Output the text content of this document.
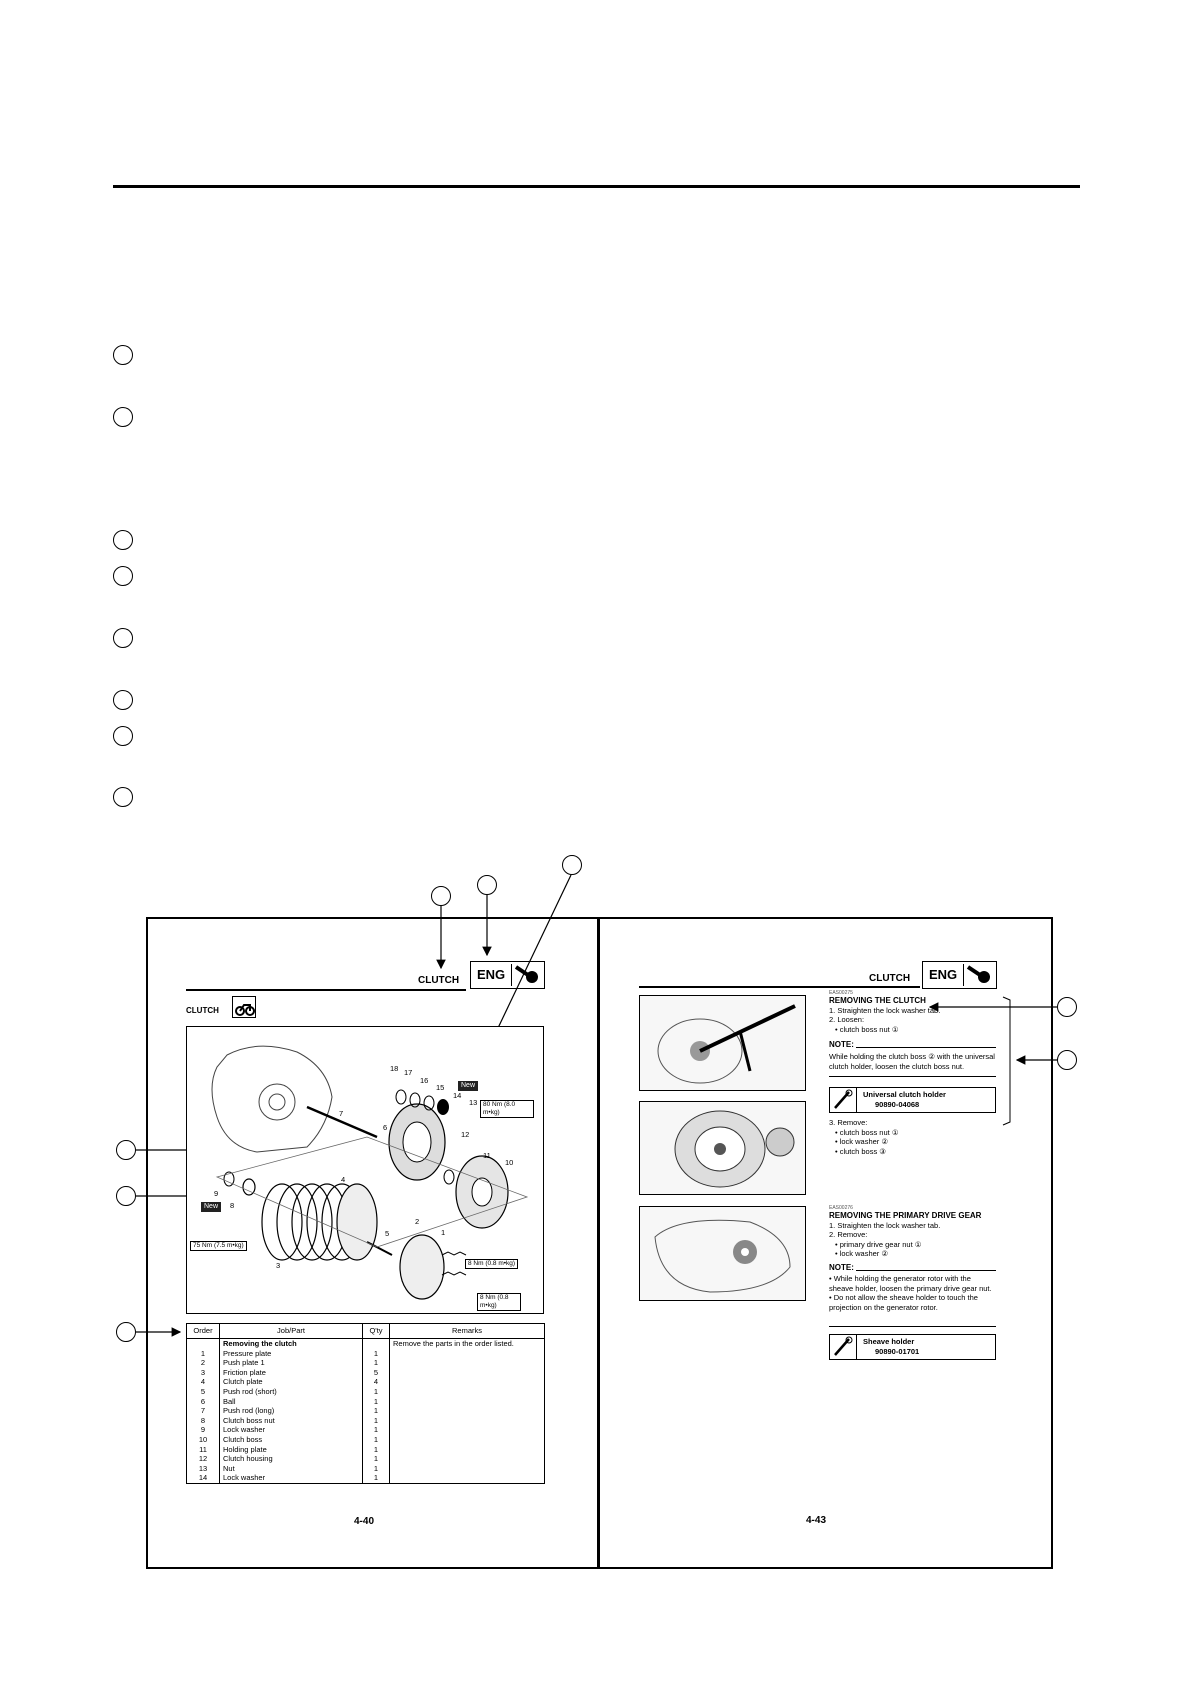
CLUTCH ENG
CLUTCH
18 17
16
15
14
13
7
6
12
11
10
4
9
8
2
5	1
3
New
New
80 Nm (8.0 m•kg)
75 Nm (7.5 m•kg)
8 Nm (0.8 m•kg)
8 Nm (0.8 m•kg)
Order	Job/Part	Q'ty	Remarks
	Removing the clutch		Remove the parts in the order listed.
1	Pressure plate	1	
2	Push plate 1	1	
3	Friction plate	5	
4	Clutch plate	4	
5	Push rod (short)	1	
6	Ball	1	
7	Push rod (long)	1	
8	Clutch boss nut	1	
9	Lock washer	1	
10	Clutch boss	1	
11	Holding plate	1	
12	Clutch housing	1	
13	Nut	1	
14	Lock washer	1	
4-40
CLUTCH ENG
EAS00275
REMOVING THE CLUTCH
1. Straighten the lock washer tab.
2. Loosen:
• clutch boss nut ①
NOTE:
While holding the clutch boss ② with the universal clutch holder, loosen the clutch boss nut.
Universal clutch holder
90890-04068
3. Remove:
• clutch boss nut ①
• lock washer ②
• clutch boss ③
EAS00276
REMOVING THE PRIMARY DRIVE GEAR
1. Straighten the lock washer tab.
2. Remove:
• primary drive gear nut ①
• lock washer ②
NOTE:
• While holding the generator rotor with the sheave holder, loosen the primary drive gear nut.
• Do not allow the sheave holder to touch the projection on the generator rotor.
Sheave holder
90890-01701
4-43
